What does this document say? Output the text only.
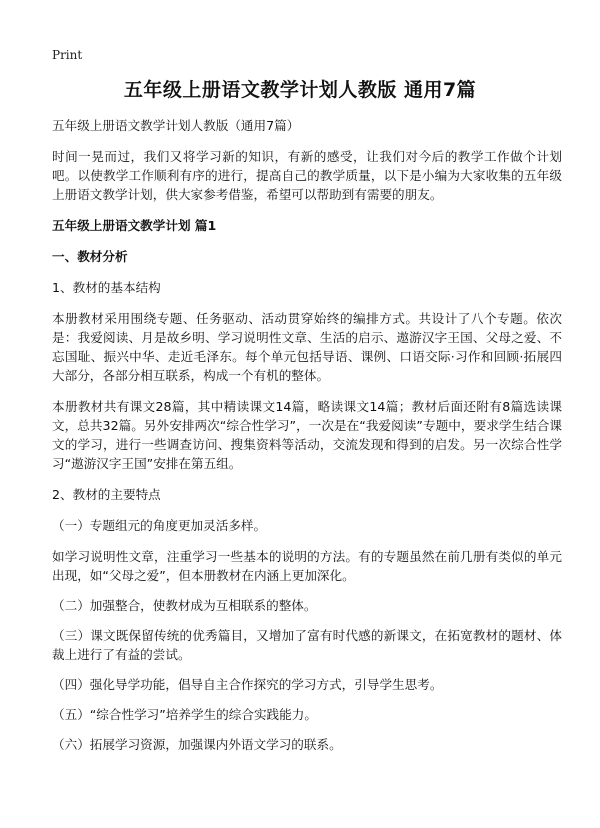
Print
五年级上册语文教学计划人教版 通用7篇

五年级上册语文教学计划人教版（通用7篇）

时间一晃而过，我们又将学习新的知识，有新的感受，让我们对今后的教学工作做个计划吧。以使教学工作顺利有序的进行，提高自己的教学质量，以下是小编为大家收集的五年级上册语文教学计划，供大家参考借鉴，希望可以帮助到有需要的朋友。

五年级上册语文教学计划 篇1

一、教材分析

1、教材的基本结构

本册教材采用围绕专题、任务驱动、活动贯穿始终的编排方式。共设计了八个专题。依次是：我爱阅读、月是故乡明、学习说明性文章、生活的启示、遨游汉字王国、父母之爱、不忘国耻、振兴中华、走近毛泽东。每个单元包括导语、课例、口语交际·习作和回顾·拓展四大部分，各部分相互联系，构成一个有机的整体。

本册教材共有课文28篇，其中精读课文14篇，略读课文14篇；教材后面还附有8篇选读课文，总共32篇。另外安排两次“综合性学习”，一次是在“我爱阅读”专题中，要求学生结合课文的学习，进行一些调查访问、搜集资料等活动，交流发现和得到的启发。另一次综合性学习“遨游汉字王国”安排在第五组。

2、教材的主要特点

（一）专题组元的角度更加灵活多样。

如学习说明性文章，注重学习一些基本的说明的方法。有的专题虽然在前几册有类似的单元出现，如“父母之爱”，但本册教材在内涵上更加深化。

（二）加强整合，使教材成为互相联系的整体。

（三）课文既保留传统的优秀篇目，又增加了富有时代感的新课文，在拓宽教材的题材、体裁上进行了有益的尝试。

（四）强化导学功能，倡导自主合作探究的学习方式，引导学生思考。

（五）“综合性学习”培养学生的综合实践能力。

（六）拓展学习资源，加强课内外语文学习的联系。
